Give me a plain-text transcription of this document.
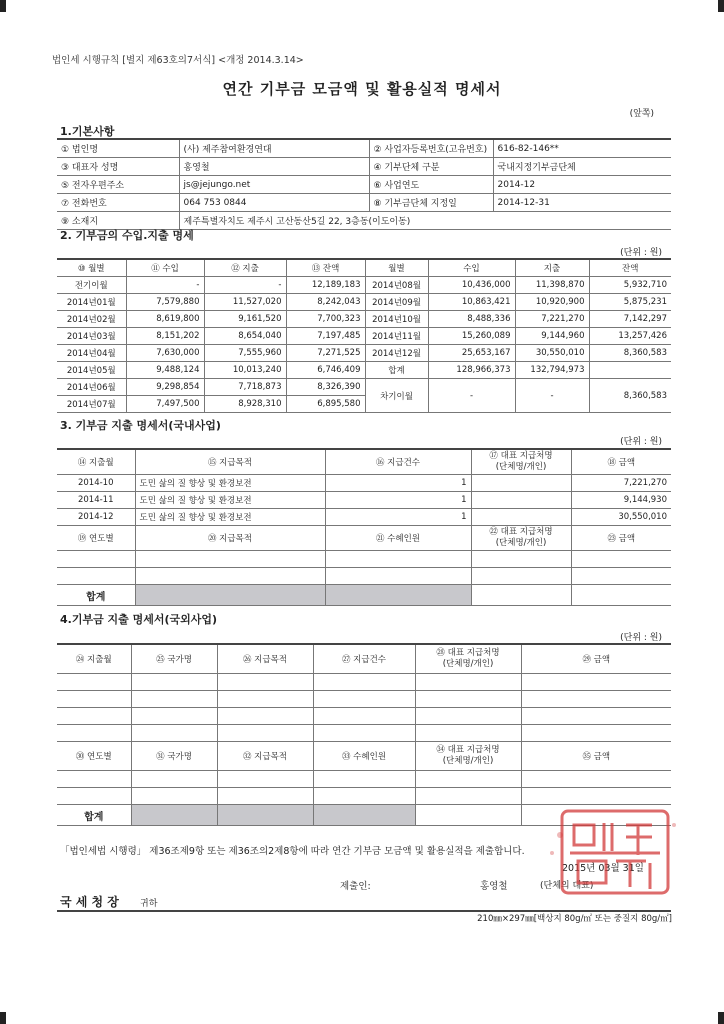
법인세 시행규칙 [별지 제63호의7서식] <개정 2014.3.14>
연간 기부금 모금액 및 활용실적 명세서
(앞쪽)
1.기본사항
① 법인명	(사) 제주참여환경연대	② 사업자등록번호(고유번호)	616-82-146**
③ 대표자 성명	홍영철	④ 기부단체 구분	국내지정기부금단체
⑤ 전자우편주소	js@jejungo.net	⑥ 사업연도	2014-12
⑦ 전화번호	064 753 0844	⑧ 기부금단체 지정일	2014-12-31
⑨ 소재지	제주특별자치도 제주시 고산동산5길 22, 3층동(이도이동)		
2. 기부금의 수입.지출 명세
(단위 : 원)
⑩ 월별	⑪ 수입	⑫ 지출	⑬ 잔액	월별	수입	지출	잔액
전기이월	-	-	12,189,183	2014년08월	10,436,000	11,398,870	5,932,710
2014년01월	7,579,880	11,527,020	8,242,043	2014년09월	10,863,421	10,920,900	5,875,231
2014년02월	8,619,800	9,161,520	7,700,323	2014년10월	8,488,336	7,221,270	7,142,297
2014년03월	8,151,202	8,654,040	7,197,485	2014년11월	15,260,089	9,144,960	13,257,426
2014년04월	7,630,000	7,555,960	7,271,525	2014년12월	25,653,167	30,550,010	8,360,583
2014년05월	9,488,124	10,013,240	6,746,409	합계	128,966,373	132,794,973	
2014년06월	9,298,854	7,718,873	8,326,390	차기이월	-	-	8,360,583
2014년07월	7,497,500	8,928,310	6,895,580				
3. 기부금 지출 명세서(국내사업)
(단위 : 원)
⑭ 지출월	⑮ 지급목적	⑯ 지급건수	⑰ 대표 지급처명
(단체명/개인)	⑱ 금액
2014-10	도민 삶의 질 향상 및 환경보전	1		7,221,270
2014-11	도민 삶의 질 향상 및 환경보전	1		9,144,930
2014-12	도민 삶의 질 향상 및 환경보전	1		30,550,010
⑲ 연도별	⑳ 지급목적	㉑ 수혜인원	㉒ 대표 지급처명
(단체명/개인)	㉓ 금액

합계				
4.기부금 지출 명세서(국외사업)
(단위 : 원)
㉔ 지출월	㉕ 국가명	㉖ 지급목적	㉗ 지급건수	㉘ 대표 지급처명
(단체명/개인)	㉙ 금액

㉚ 연도별	㉛ 국가명	㉜ 지급목적	㉝ 수혜인원	㉞ 대표 지급처명
(단체명/개인)	㉟ 금액

합계					
「법인세법 시행령」 제36조제9항 또는 제36조의2제8항에 따라 연간 기부금 모금액 및 활용실적을 제출합니다.
2015년 03월 31일
제출인:	홍영철	(단체의 대표)
국 세 청 장 귀하
210㎜×297㎜[백상지 80g/㎡ 또는 중질지 80g/㎡]
